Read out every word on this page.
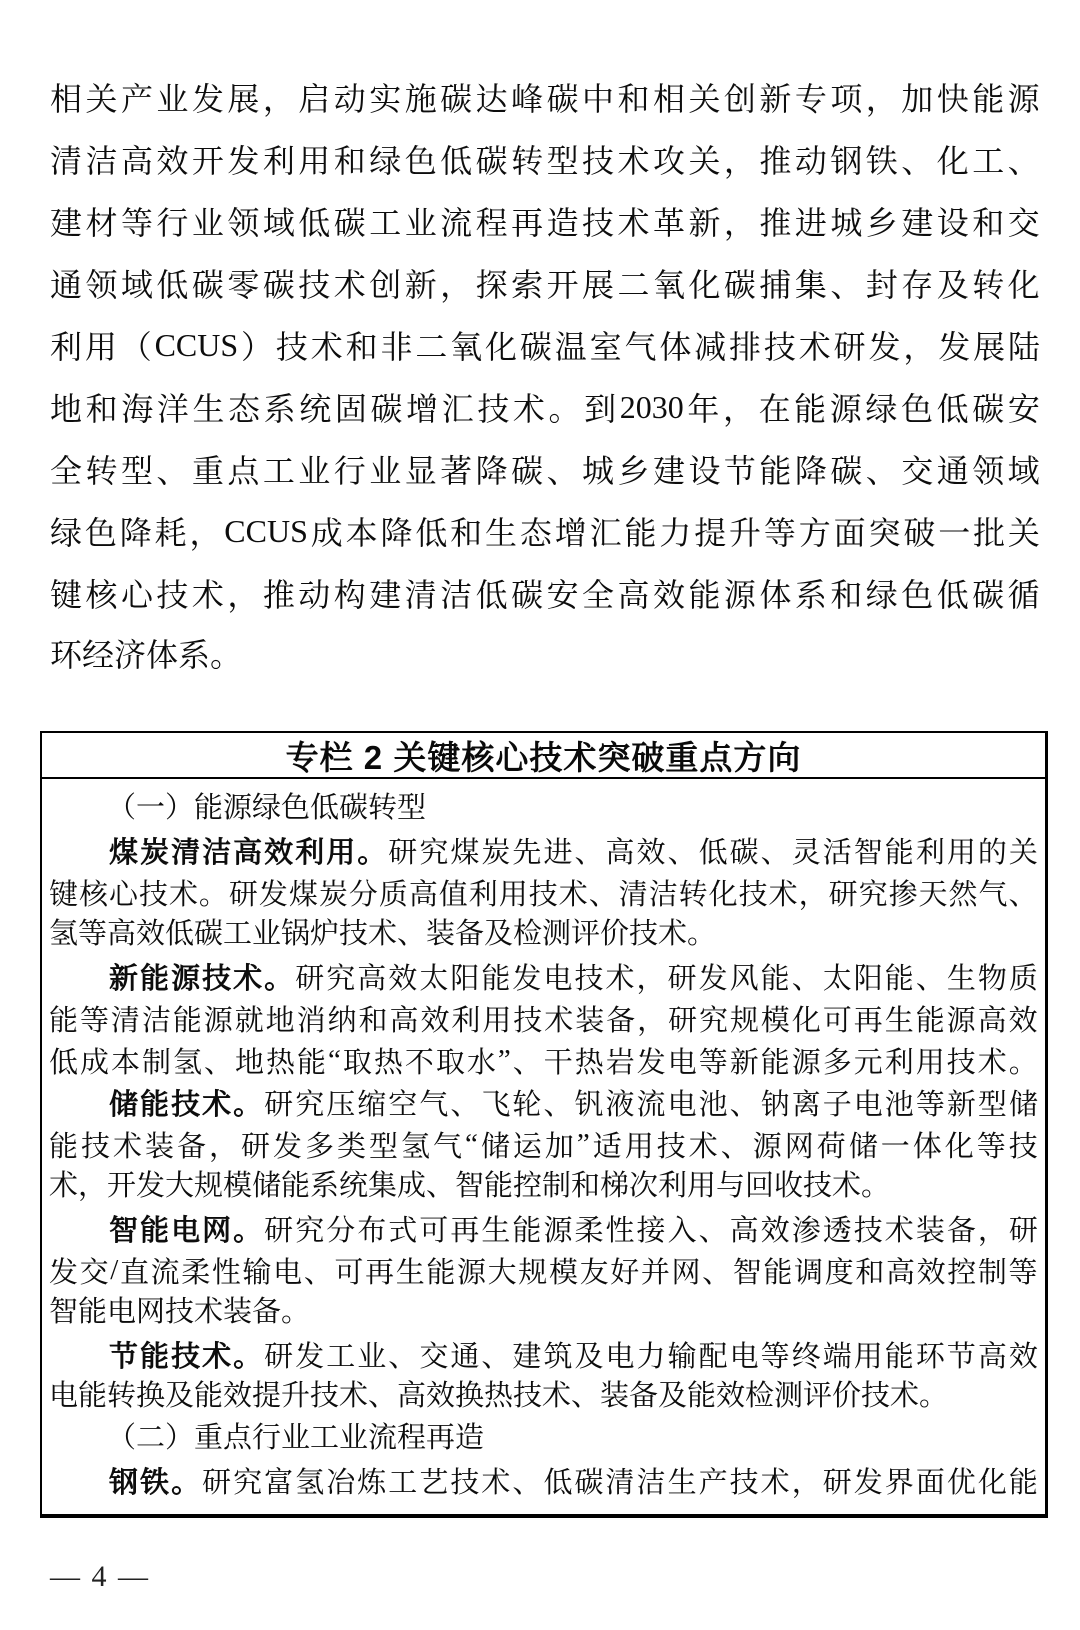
相 关 产 业 发 展 ， 启 动 实 施 碳 达 峰 碳 中 和 相 关 创 新 专 项 ， 加 快 能 源
清 洁 高 效 开 发 利 用 和 绿 色 低 碳 转 型 技 术 攻 关 ， 推 动 钢 铁 、 化 工 、
建 材 等 行 业 领 域 低 碳 工 业 流 程 再 造 技 术 革 新 ， 推 进 城 乡 建 设 和 交
通 领 域 低 碳 零 碳 技 术 创 新 ， 探 索 开 展 二 氧 化 碳 捕 集 、 封 存 及 转 化
利 用 （ CCUS ） 技 术 和 非 二 氧 化 碳 温 室 气 体 减 排 技 术 研 发 ， 发 展 陆
地 和 海 洋 生 态 系 统 固 碳 增 汇 技 术 。 到 2030 年 ， 在 能 源 绿 色 低 碳 安
全 转 型 、 重 点 工 业 行 业 显 著 降 碳 、 城 乡 建 设 节 能 降 碳 、 交 通 领 域
绿 色 降 耗 ， CCUS 成 本 降 低 和 生 态 增 汇 能 力 提 升 等 方 面 突 破 一 批 关
键 核 心 技 术 ， 推 动 构 建 清 洁 低 碳 安 全 高 效 能 源 体 系 和 绿 色 低 碳 循
环经济体系。
专栏 2 关键核心技术突破重点方向
（一）能源绿色低碳转型
煤 炭 清 洁 高 效 利 用 。 研 究 煤 炭 先 进 、 高 效 、 低 碳 、 灵 活 智 能 利 用 的 关
键 核 心 技 术 。 研 发 煤 炭 分 质 高 值 利 用 技 术 、 清 洁 转 化 技 术 ， 研 究 掺 天 然 气 、
氢等高效低碳工业锅炉技术、装备及检测评价技术。
新 能 源 技 术 。 研 究 高 效 太 阳 能 发 电 技 术 ， 研 发 风 能 、 太 阳 能 、 生 物 质
能 等 清 洁 能 源 就 地 消 纳 和 高 效 利 用 技 术 装 备 ， 研 究 规 模 化 可 再 生 能 源 高 效
低 成 本 制 氢 、 地 热 能 “ 取 热 不 取 水 ” 、 干 热 岩 发 电 等 新 能 源 多 元 利 用 技 术 。
储 能 技 术 。 研 究 压 缩 空 气 、 飞 轮 、 钒 液 流 电 池 、 钠 离 子 电 池 等 新 型 储
能 技 术 装 备 ， 研 发 多 类 型 氢 气 “ 储 运 加 ” 适 用 技 术 、 源 网 荷 储 一 体 化 等 技
术，开发大规模储能系统集成、智能控制和梯次利用与回收技术。
智 能 电 网 。 研 究 分 布 式 可 再 生 能 源 柔 性 接 入 、 高 效 渗 透 技 术 装 备 ， 研
发 交 / 直 流 柔 性 输 电 、 可 再 生 能 源 大 规 模 友 好 并 网 、 智 能 调 度 和 高 效 控 制 等
智能电网技术装备。
节 能 技 术 。 研 发 工 业 、 交 通 、 建 筑 及 电 力 输 配 电 等 终 端 用 能 环 节 高 效
电能转换及能效提升技术、高效换热技术、装备及能效检测评价技术。
（二）重点行业工业流程再造
钢 铁 。 研 究 富 氢 冶 炼 工 艺 技 术 、 低 碳 清 洁 生 产 技 术 ， 研 发 界 面 优 化 能
— 4 —
